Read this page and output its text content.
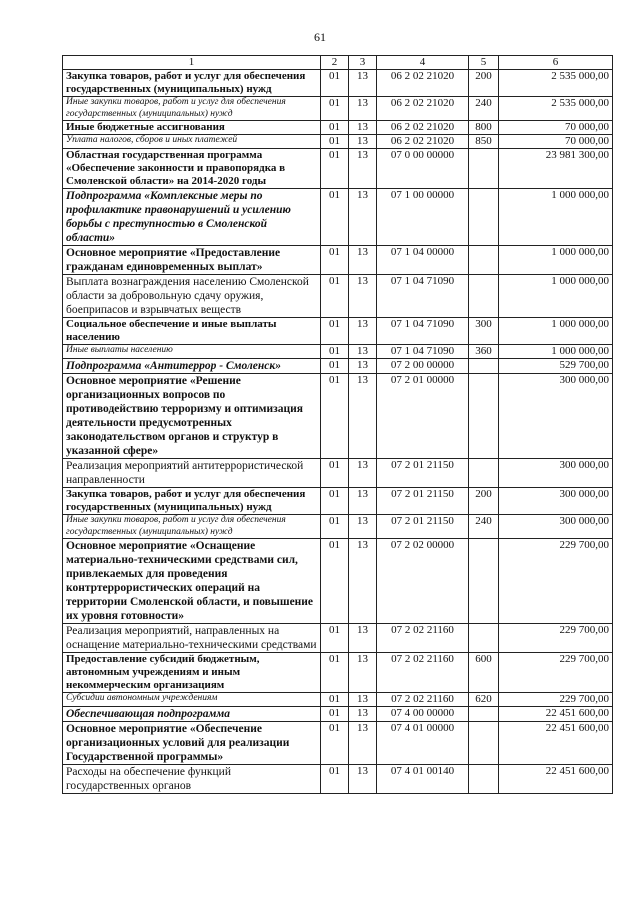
61
1	2	3	4	5	6
Закупка товаров, работ и услуг для обеспечения государственных (муниципальных) нужд	01	13	06 2 02 21020	200	2 535 000,00
Иные закупки товаров, работ и услуг для обеспечения государственных (муниципальных) нужд	01	13	06 2 02 21020	240	2 535 000,00
Иные бюджетные ассигнования	01	13	06 2 02 21020	800	70 000,00
Уплата налогов, сборов и иных платежей	01	13	06 2 02 21020	850	70 000,00
Областная государственная программа «Обеспечение законности и правопорядка в Смоленской области» на 2014-2020 годы	01	13	07 0 00 00000		23 981 300,00
Подпрограмма «Комплексные меры по профилактике правонарушений и усилению борьбы с преступностью в Смоленской области»	01	13	07 1 00 00000		1 000 000,00
Основное мероприятие «Предоставление гражданам единовременных выплат»	01	13	07 1 04 00000		1 000 000,00
Выплата вознаграждения населению Смоленской области за добровольную сдачу оружия, боеприпасов и взрывчатых веществ	01	13	07 1 04 71090		1 000 000,00
Социальное обеспечение и иные выплаты населению	01	13	07 1 04 71090	300	1 000 000,00
Иные выплаты населению	01	13	07 1 04 71090	360	1 000 000,00
Подпрограмма «Антитеррор - Смоленск»	01	13	07 2 00 00000		529 700,00
Основное мероприятие «Решение организационных вопросов по противодействию терроризму и оптимизация деятельности предусмотренных законодательством органов и структур в указанной сфере»	01	13	07 2 01 00000		300 000,00
Реализация мероприятий антитеррористической направленности	01	13	07 2 01 21150		300 000,00
Закупка товаров, работ и услуг для обеспечения государственных (муниципальных) нужд	01	13	07 2 01 21150	200	300 000,00
Иные закупки товаров, работ и услуг для обеспечения государственных (муниципальных) нужд	01	13	07 2 01 21150	240	300 000,00
Основное мероприятие «Оснащение материально-техническими средствами сил, привлекаемых для проведения контртеррористических операций на территории Смоленской области, и повышение их уровня готовности»	01	13	07 2 02 00000		229 700,00
Реализация мероприятий, направленных на оснащение материально-техническими средствами	01	13	07 2 02 21160		229 700,00
Предоставление субсидий бюджетным, автономным учреждениям и иным некоммерческим организациям	01	13	07 2 02 21160	600	229 700,00
Субсидии автономным учреждениям	01	13	07 2 02 21160	620	229 700,00
Обеспечивающая подпрограмма	01	13	07 4 00 00000		22 451 600,00
Основное мероприятие «Обеспечение организационных условий для реализации Государственной программы»	01	13	07 4 01 00000		22 451 600,00
Расходы на обеспечение функций государственных органов	01	13	07 4 01 00140		22 451 600,00
